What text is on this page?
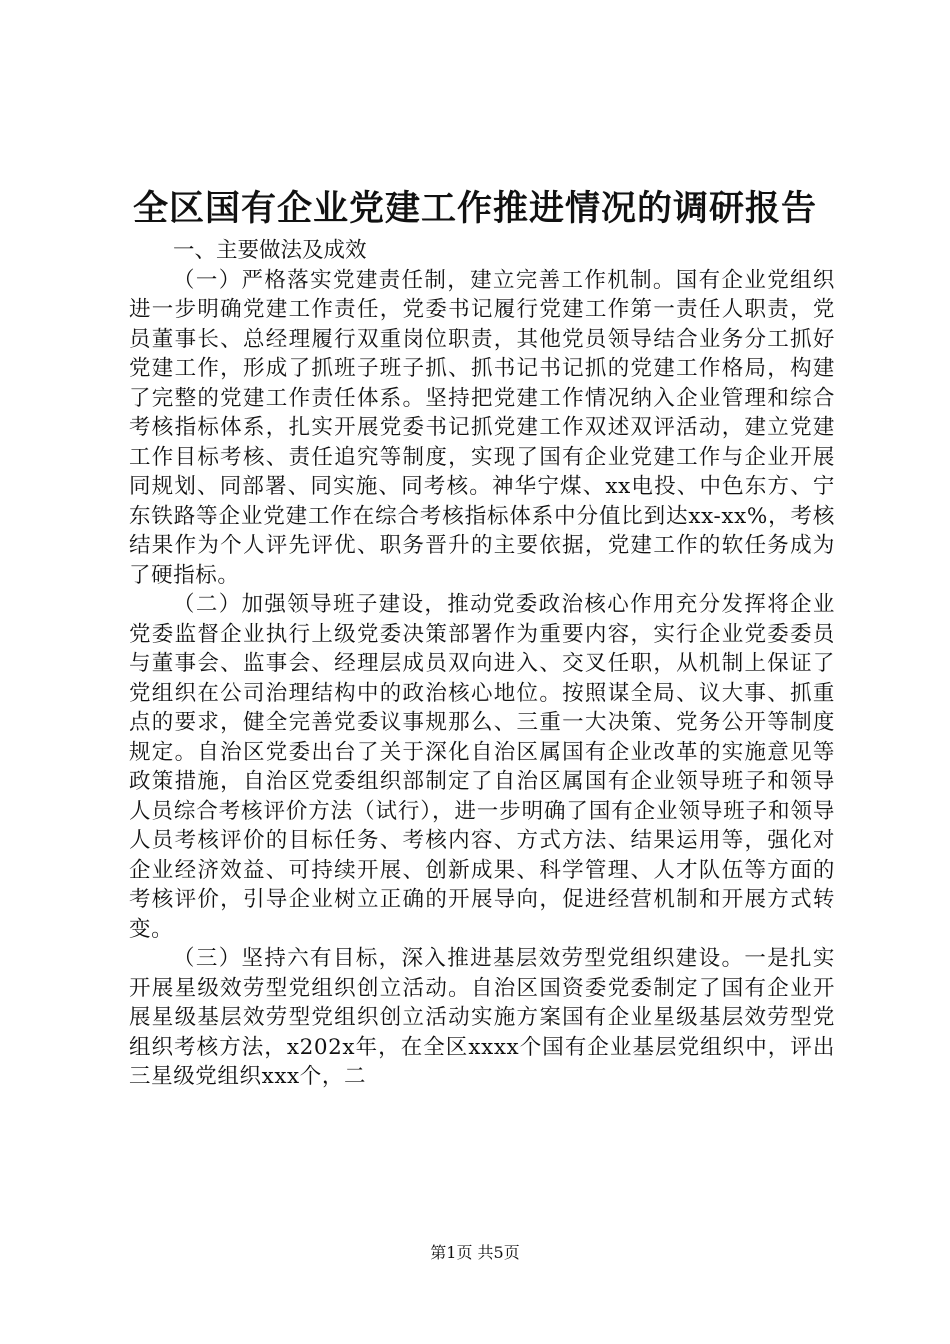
全区国有企业党建工作推进情况的调研报告

一、主要做法及成效

（一）严格落实党建责任制，建立完善工作机制。国有企业党组织进一步明确党建工作责任，党委书记履行党建工作第一责任人职责，党员董事长、总经理履行双重岗位职责，其他党员领导结合业务分工抓好党建工作，形成了抓班子班子抓、抓书记书记抓的党建工作格局，构建了完整的党建工作责任体系。坚持把党建工作情况纳入企业管理和综合考核指标体系，扎实开展党委书记抓党建工作双述双评活动，建立党建工作目标考核、责任追究等制度，实现了国有企业党建工作与企业开展同规划、同部署、同实施、同考核。神华宁煤、xx电投、中色东方、宁东铁路等企业党建工作在综合考核指标体系中分值比到达xx-xx%，考核结果作为个人评先评优、职务晋升的主要依据，党建工作的软任务成为了硬指标。

（二）加强领导班子建设，推动党委政治核心作用充分发挥将企业党委监督企业执行上级党委决策部署作为重要内容，实行企业党委委员与董事会、监事会、经理层成员双向进入、交叉任职，从机制上保证了党组织在公司治理结构中的政治核心地位。按照谋全局、议大事、抓重点的要求，健全完善党委议事规那么、三重一大决策、党务公开等制度规定。自治区党委出台了关于深化自治区属国有企业改革的实施意见等政策措施，自治区党委组织部制定了自治区属国有企业领导班子和领导人员综合考核评价方法（试行），进一步明确了国有企业领导班子和领导人员考核评价的目标任务、考核内容、方式方法、结果运用等，强化对企业经济效益、可持续开展、创新成果、科学管理、人才队伍等方面的考核评价，引导企业树立正确的开展导向，促进经营机制和开展方式转变。

（三）坚持六有目标，深入推进基层效劳型党组织建设。一是扎实开展星级效劳型党组织创立活动。自治区国资委党委制定了国有企业开展星级基层效劳型党组织创立活动实施方案国有企业星级基层效劳型党组织考核方法，x202x年，在全区xxxx个国有企业基层党组织中，评出三星级党组织xxx个，二

第1页 共5页
